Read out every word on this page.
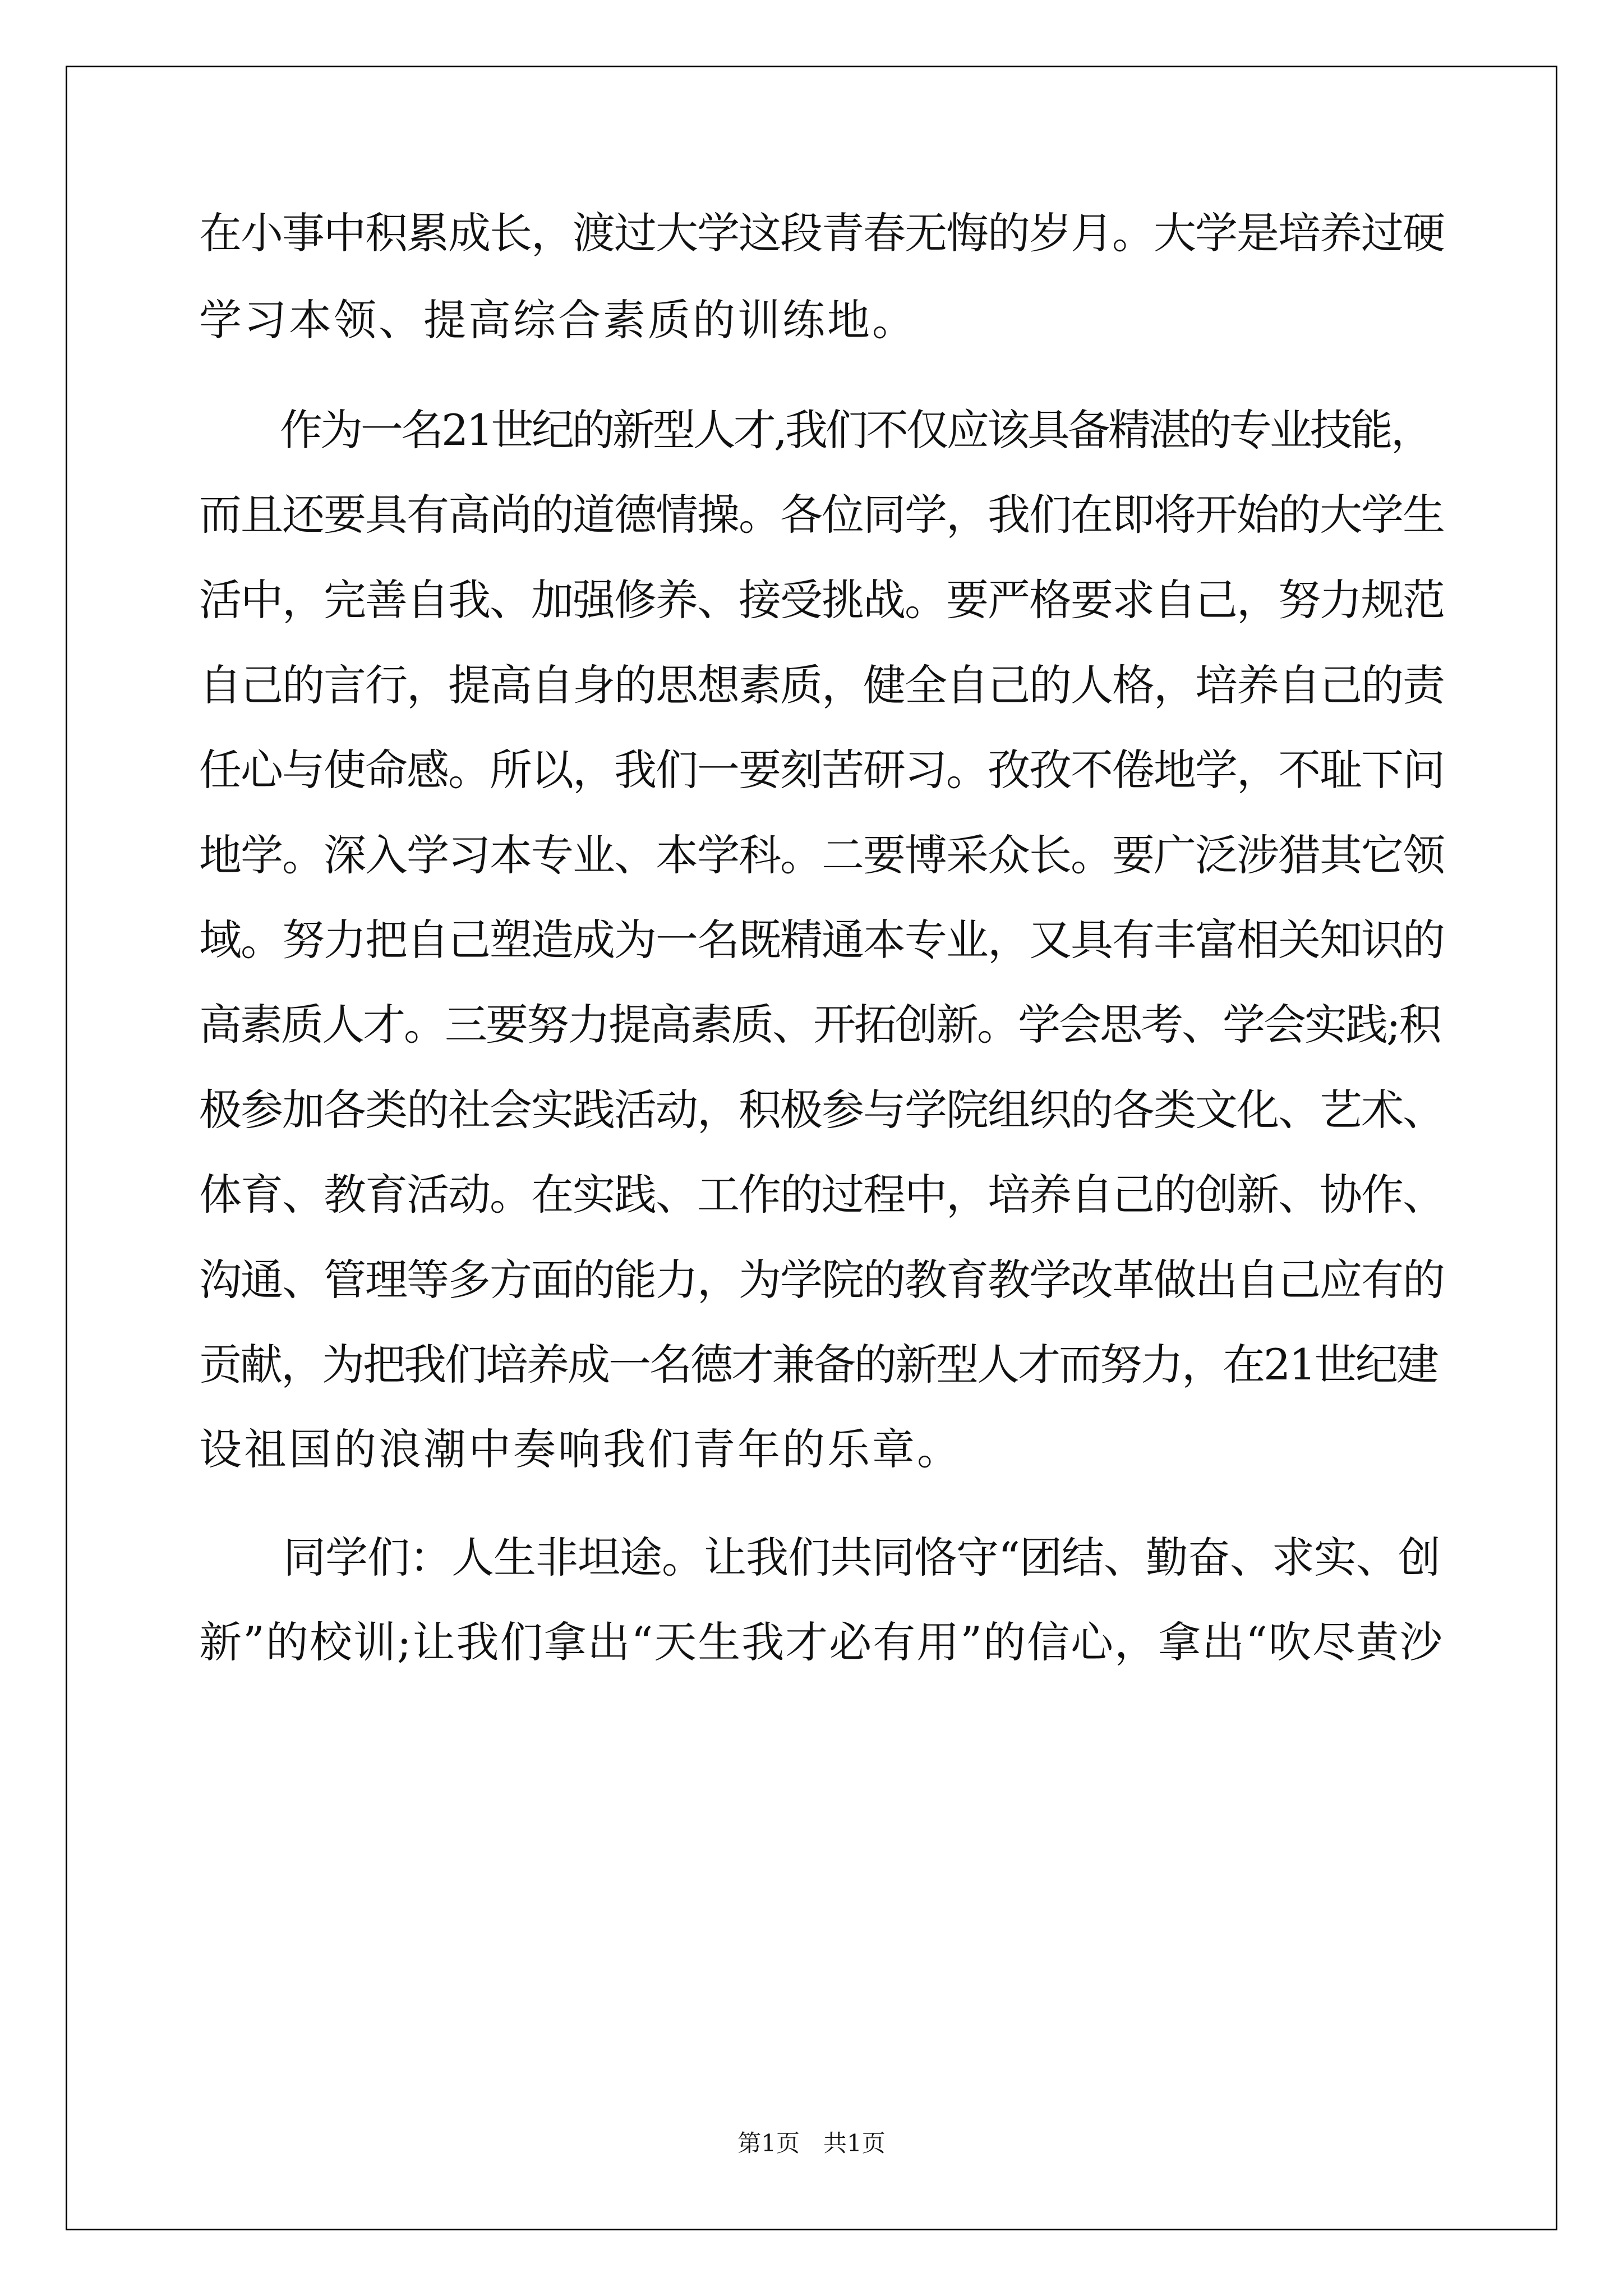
在小事中积累成长，渡过大学这段青春无悔的岁月。大学是培养过硬
学习本领、提高综合素质的训练地。
　　作为一名21世纪的新型人才,我们不仅应该具备精湛的专业技能，
而且还要具有高尚的道德情操。各位同学，我们在即将开始的大学生
活中，完善自我、加强修养、接受挑战。要严格要求自己，努力规范
自己的言行，提高自身的思想素质，健全自己的人格，培养自己的责
任心与使命感。所以，我们一要刻苦研习。孜孜不倦地学，不耻下问
地学。深入学习本专业、本学科。二要博采众长。要广泛涉猎其它领
域。努力把自己塑造成为一名既精通本专业，又具有丰富相关知识的
高素质人才。三要努力提高素质、开拓创新。学会思考、学会实践;积
极参加各类的社会实践活动，积极参与学院组织的各类文化、艺术、
体育、教育活动。在实践、工作的过程中，培养自己的创新、协作、
沟通、管理等多方面的能力，为学院的教育教学改革做出自己应有的
贡献，为把我们培养成一名德才兼备的新型人才而努力，在21世纪建
设祖国的浪潮中奏响我们青年的乐章。
　　同学们：人生非坦途。让我们共同恪守“团结、勤奋、求实、创
新”的校训;让我们拿出“天生我才必有用”的信心，拿出“吹尽黄沙
第1页　共1页
